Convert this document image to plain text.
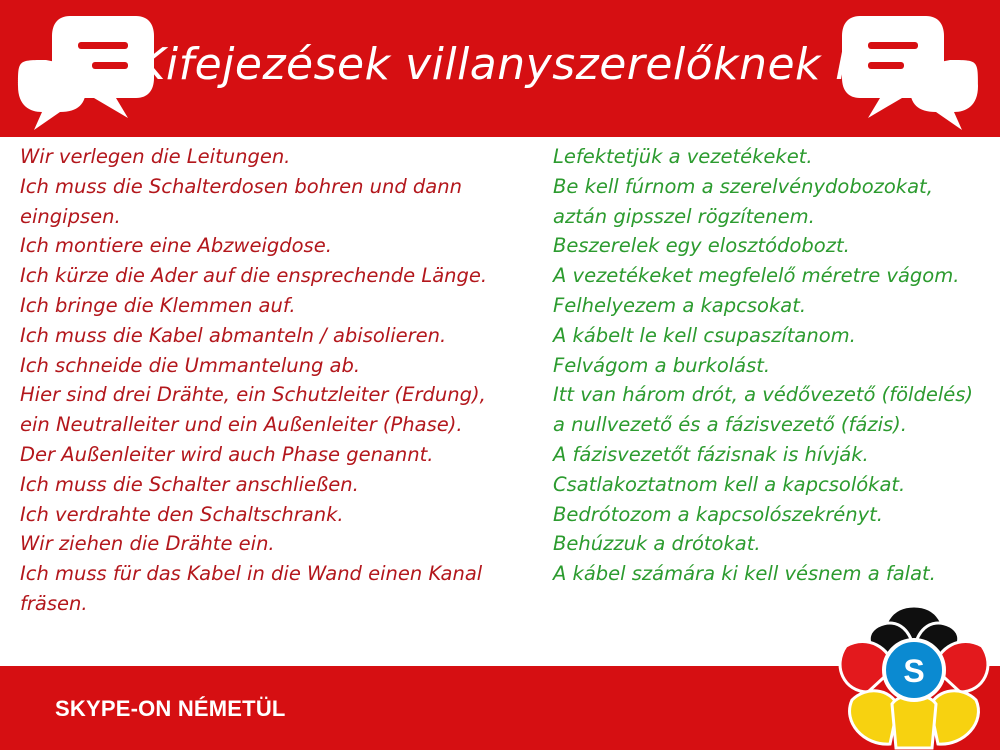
Kifejezések villanyszerelőknek I.
Wir verlegen die Leitungen.
Ich muss die Schalterdosen bohren und dann
eingipsen.
Ich montiere eine Abzweigdose.
Ich kürze die Ader auf die ensprechende Länge.
Ich bringe die Klemmen auf.
Ich muss die Kabel abmanteln / abisolieren.
Ich schneide die Ummantelung ab.
Hier sind drei Drähte, ein Schutzleiter (Erdung),
ein Neutralleiter und ein Außenleiter (Phase).
Der Außenleiter wird auch Phase genannt.
Ich muss die Schalter anschließen.
Ich verdrahte den Schaltschrank.
Wir ziehen die Drähte ein.
Ich muss für das Kabel in die Wand einen Kanal
fräsen.
Lefektetjük a vezetékeket.
Be kell fúrnom a szerelvénydobozokat,
aztán gipsszel rögzítenem.
Beszerelek egy elosztódobozt.
A vezetékeket megfelelő méretre vágom.
Felhelyezem a kapcsokat.
A kábelt le kell csupaszítanom.
Felvágom a burkolást.
Itt van három drót, a védővezető (földelés)
a nullvezető és a fázisvezető (fázis).
A fázisvezetőt fázisnak is hívják.
Csatlakoztatnom kell a kapcsolókat.
Bedrótozom a kapcsolószekrényt.
Behúzzuk a drótokat.
A kábel számára ki kell vésnem a falat.
SKYPE-ON NÉMETÜL
S
